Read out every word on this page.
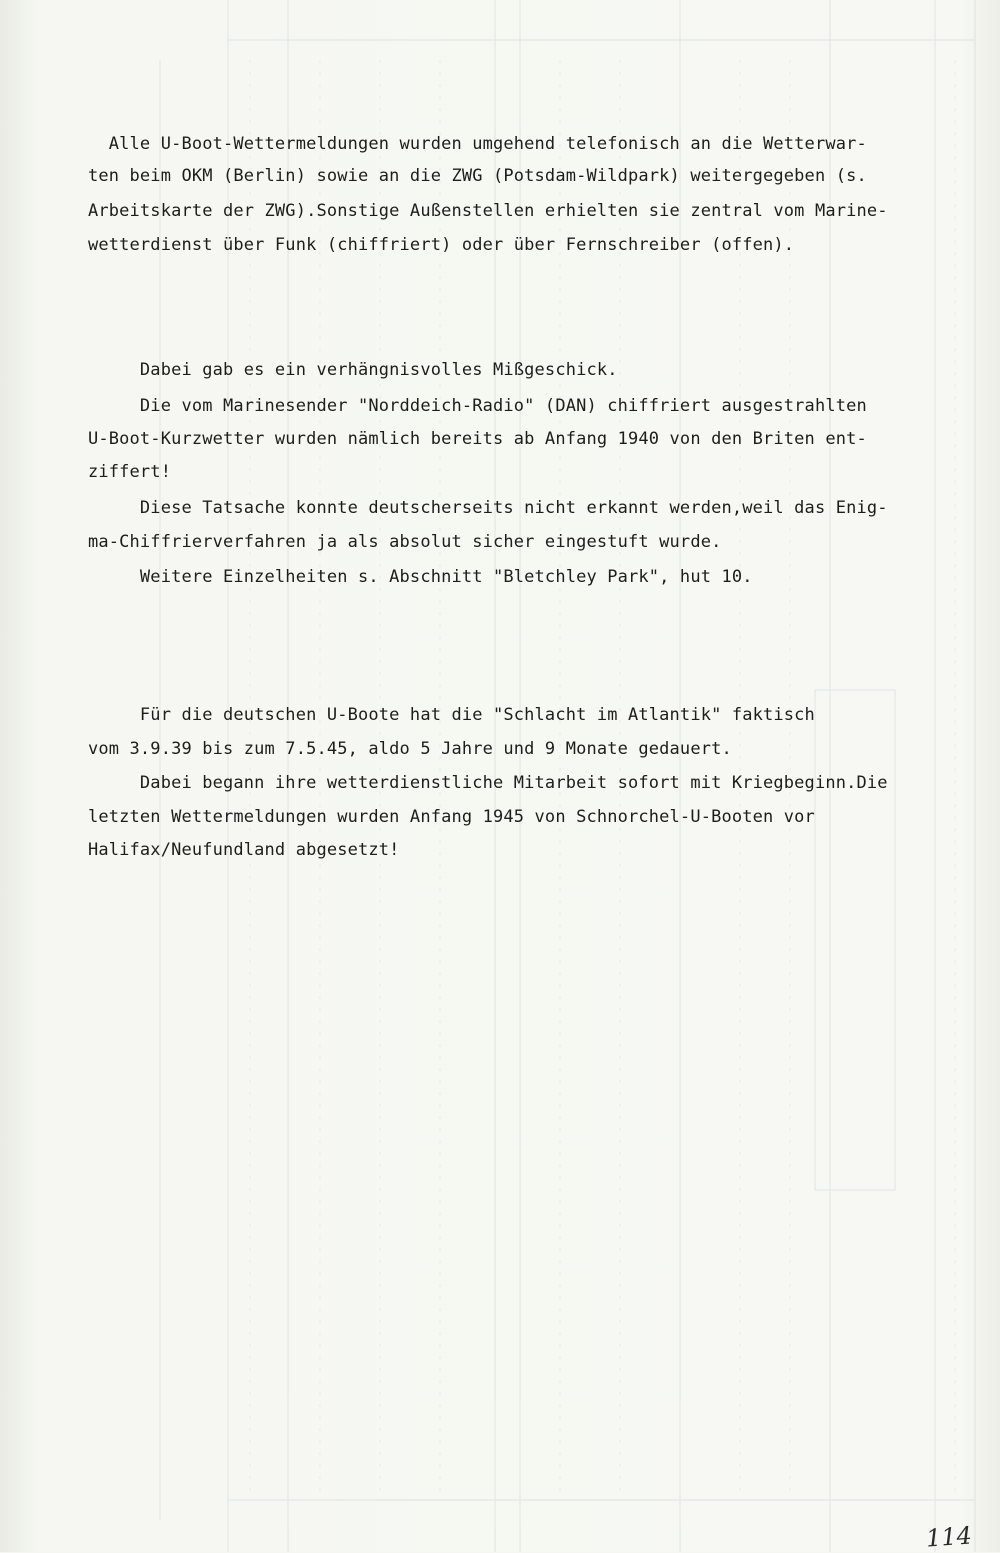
Alle U-Boot-Wettermeldungen wurden umgehend telefonisch an die Wetterwar-
ten beim OKM (Berlin) sowie an die ZWG (Potsdam-Wildpark) weitergegeben (s.
Arbeitskarte der ZWG).Sonstige Außenstellen erhielten sie zentral vom Marine-
wetterdienst über Funk (chiffriert) oder über Fernschreiber (offen).
Dabei gab es ein verhängnisvolles Mißgeschick.
Die vom Marinesender "Norddeich-Radio" (DAN) chiffriert ausgestrahlten
U-Boot-Kurzwetter wurden nämlich bereits ab Anfang 1940 von den Briten ent-
ziffert!
Diese Tatsache konnte deutscherseits nicht erkannt werden,weil das Enig-
ma-Chiffrierverfahren ja als absolut sicher eingestuft wurde.
Weitere Einzelheiten s. Abschnitt "Bletchley Park", hut 10.
Für die deutschen U-Boote hat die "Schlacht im Atlantik" faktisch
vom 3.9.39 bis zum 7.5.45, aldo 5 Jahre und 9 Monate gedauert.
Dabei begann ihre wetterdienstliche Mitarbeit sofort mit Kriegbeginn.Die
letzten Wettermeldungen wurden Anfang 1945 von Schnorchel-U-Booten vor
Halifax/Neufundland abgesetzt!
114
